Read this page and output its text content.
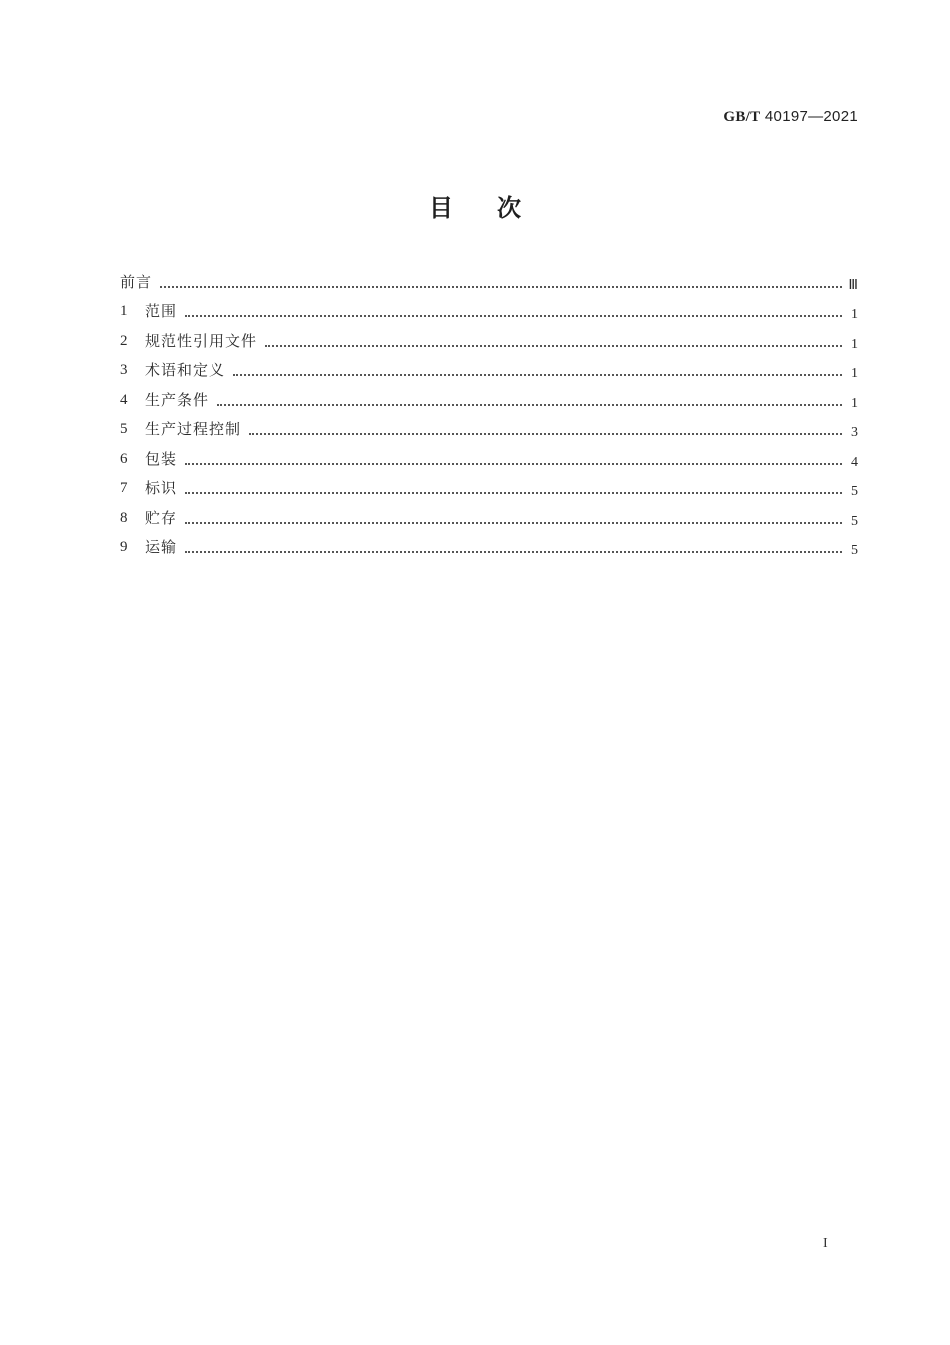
GB/T 40197—2021
目次
前言	Ⅲ
1	范围	1
2	规范性引用文件	1
3	术语和定义	1
4	生产条件	1
5	生产过程控制	3
6	包装	4
7	标识	5
8	贮存	5
9	运输	5
I
